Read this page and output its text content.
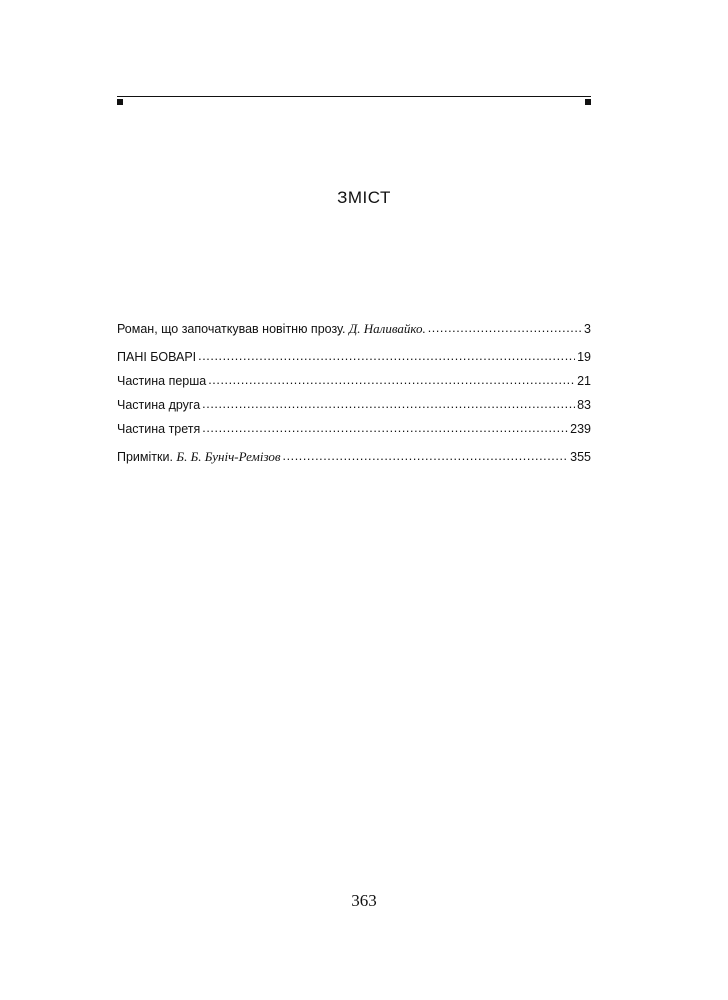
ЗМІСТ
Роман, що започаткував новітню прозу. Д. Наливайко. .....	3
ПАНІ БОВАРІ .....	19
Частина перша .....	21
Частина друга .....	83
Частина третя .....	239
Примітки. Б. Б. Буніч-Ремізов .....	355
363
